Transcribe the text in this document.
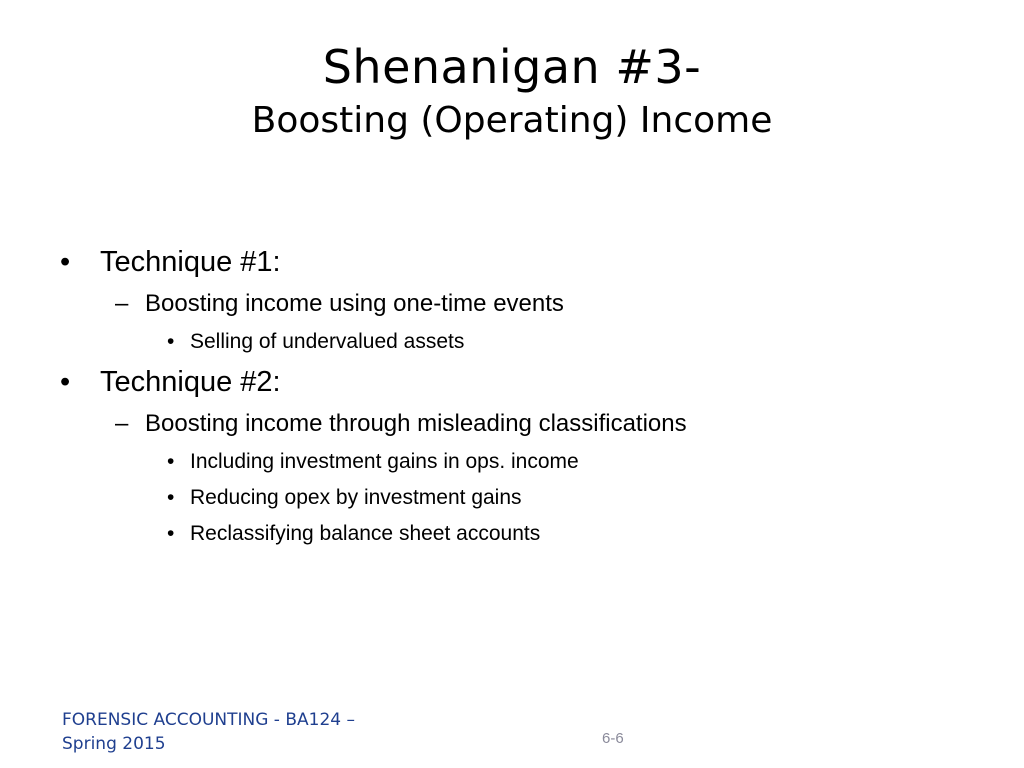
Shenanigan #3-
Boosting (Operating) Income
• Technique #1:
– Boosting income using one-time events
• Selling of undervalued assets
• Technique #2:
– Boosting income through misleading classifications
• Including investment gains in ops. income
• Reducing opex by investment gains
• Reclassifying balance sheet accounts
FORENSIC ACCOUNTING - BA124 –
Spring 2015	6-6
